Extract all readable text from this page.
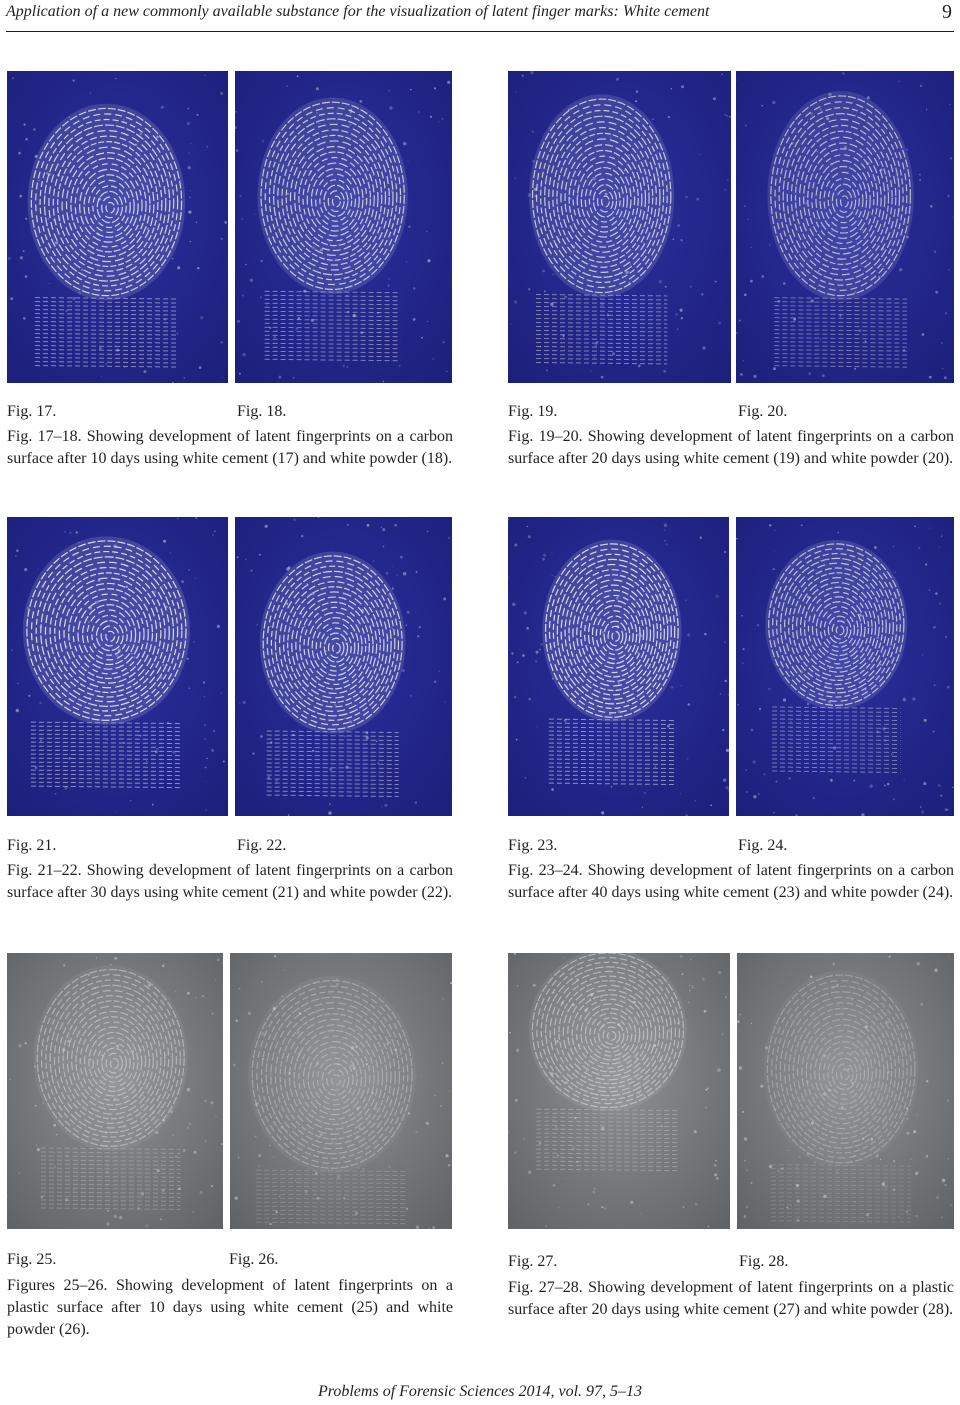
Application of a new commonly available substance for the visualization of latent finger marks: White cement	9
Fig. 17.	Fig. 18.
Fig. 17–18. Showing development of latent fingerprints on a carbon surface after 10 days using white cement (17) and white powder (18).
Fig. 19.	Fig. 20.
Fig. 19–20. Showing development of latent fingerprints on a carbon surface after 20 days using white cement (19) and white powder (20).
Fig. 21.	Fig. 22.
Fig. 21–22. Showing development of latent fingerprints on a carbon surface after 30 days using white cement (21) and white powder (22).
Fig. 23.	Fig. 24.
Fig. 23–24. Showing development of latent fingerprints on a carbon surface after 40 days using white cement (23) and white powder (24).
Fig. 25.	Fig. 26.
Figures 25–26. Showing development of latent fingerprints on a plastic surface after 10 days using white cement (25) and white powder (26).
Fig. 27.	Fig. 28.
Fig. 27–28. Showing development of latent fingerprints on a plastic surface after 20 days using white cement (27) and white powder (28).
Problems of Forensic Sciences 2014, vol. 97, 5–13
